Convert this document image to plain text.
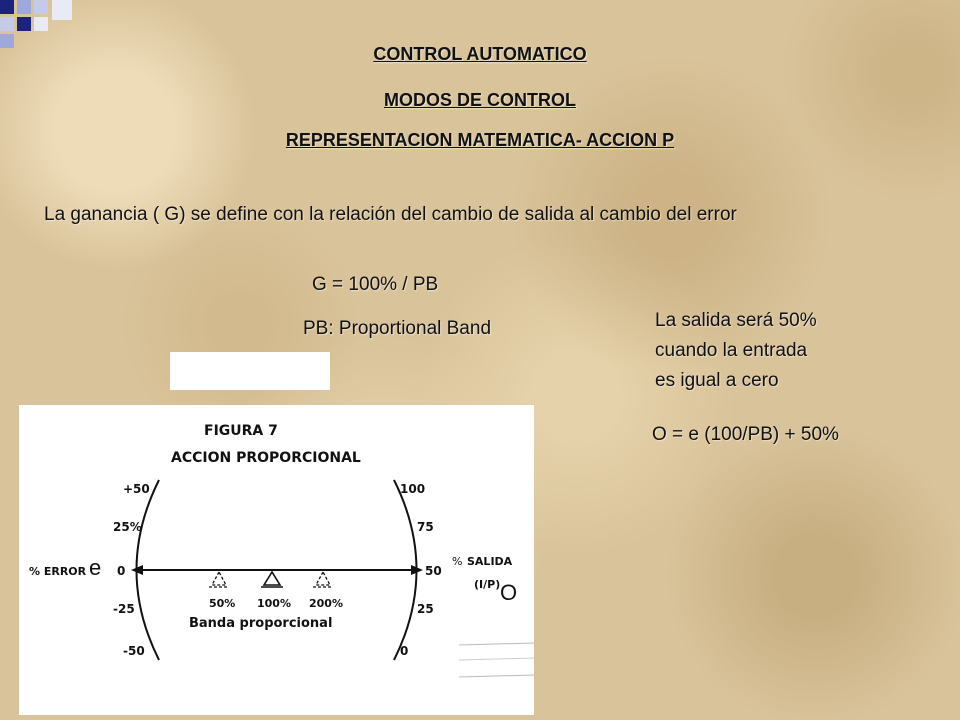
CONTROL AUTOMATICO
MODOS DE CONTROL
REPRESENTACION MATEMATICA- ACCION P
La ganancia ( G) se define con la relación del cambio de salida al cambio del error
G = 100% / PB
PB: Proportional Band	La salida será 50%
cuando la entrada
es igual a cero
O = e (100/PB) + 50%
FIGURA 7
ACCION PROPORCIONAL
+50
25%
0
-25
-50
% ERROR
100
75
50
25
0
% SALIDA
(I/P)
50% 100% 200%
Banda proporcional
e
O
